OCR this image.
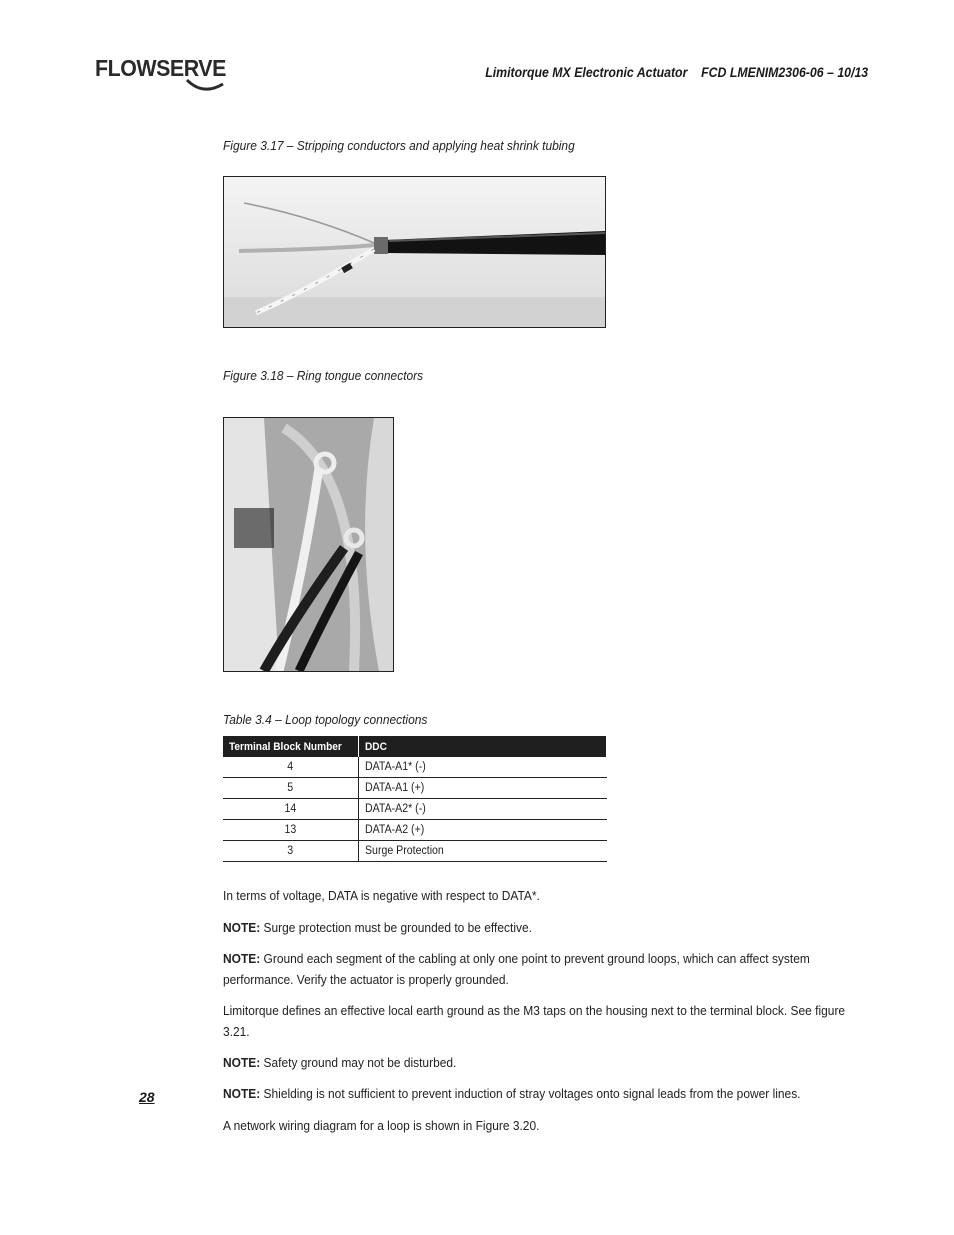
FLOWSERVE	Limitorque MX Electronic Actuator    FCD LMENIM2306-06 – 10/13
Figure 3.17 – Stripping conductors and applying heat shrink tubing
Figure 3.18 – Ring tongue connectors
Table 3.4 – Loop topology connections
Terminal Block Number	DDC
4	DATA-A1* (-)
5	DATA-A1 (+)
14	DATA-A2* (-)
13	DATA-A2 (+)
3	Surge Protection
In terms of voltage, DATA is negative with respect to DATA*.
NOTE: Surge protection must be grounded to be effective.
NOTE: Ground each segment of the cabling at only one point to prevent ground loops, which can affect system performance. Verify the actuator is properly grounded.
Limitorque defines an effective local earth ground as the M3 taps on the housing next to the terminal block. See figure 3.21.
NOTE: Safety ground may not be disturbed.
NOTE: Shielding is not sufficient to prevent induction of stray voltages onto signal leads from the power lines.
A network wiring diagram for a loop is shown in Figure 3.20.
28
